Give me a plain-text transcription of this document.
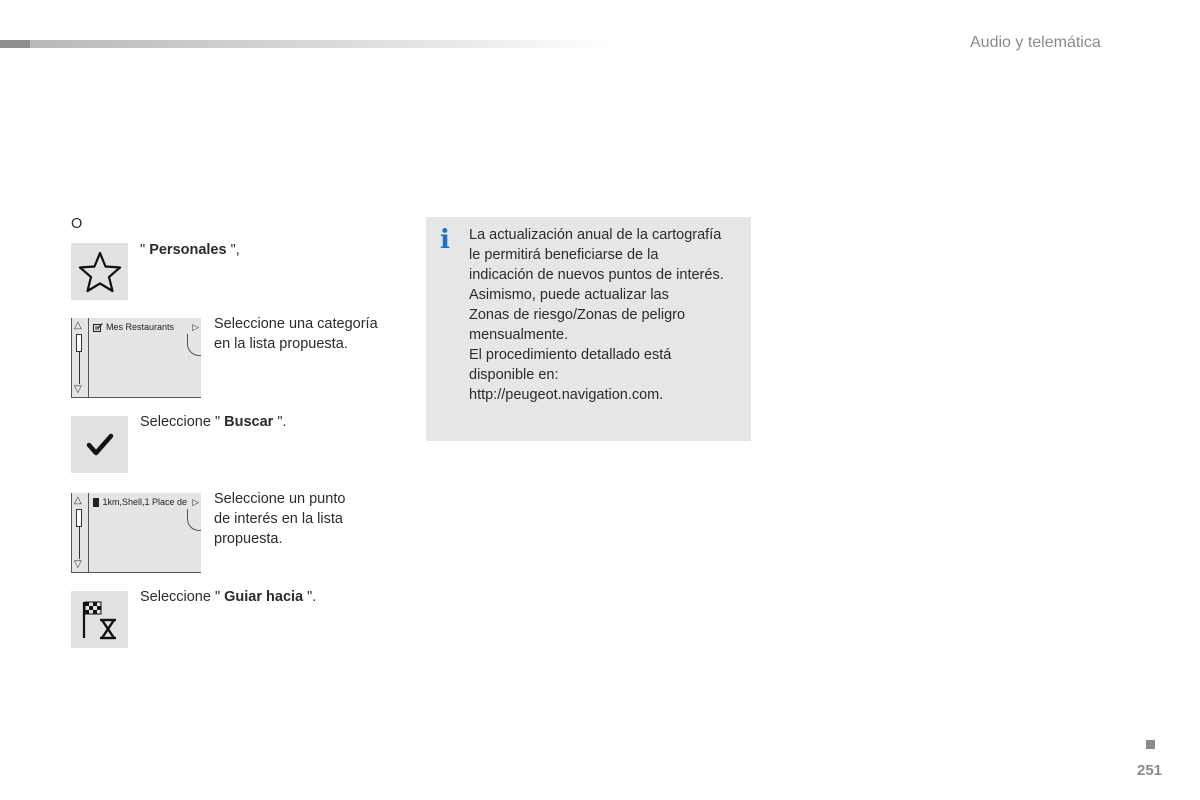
Audio y telemática
O
" Personales ",
△
▽
Mes Restaurants ▷ Seleccione una categoría
en la lista propuesta.
Seleccione " Buscar ".
△
▽
1km,Shell,1 Place de ▷ Seleccione un punto
de interés en la lista
propuesta.
Seleccione " Guiar hacia ".
i La actualización anual de la cartografía
le permitirá beneficiarse de la
indicación de nuevos puntos de interés.
Asimismo, puede actualizar las
Zonas de riesgo/Zonas de peligro
mensualmente.
El procedimiento detallado está
disponible en:
http://peugeot.navigation.com.
251
